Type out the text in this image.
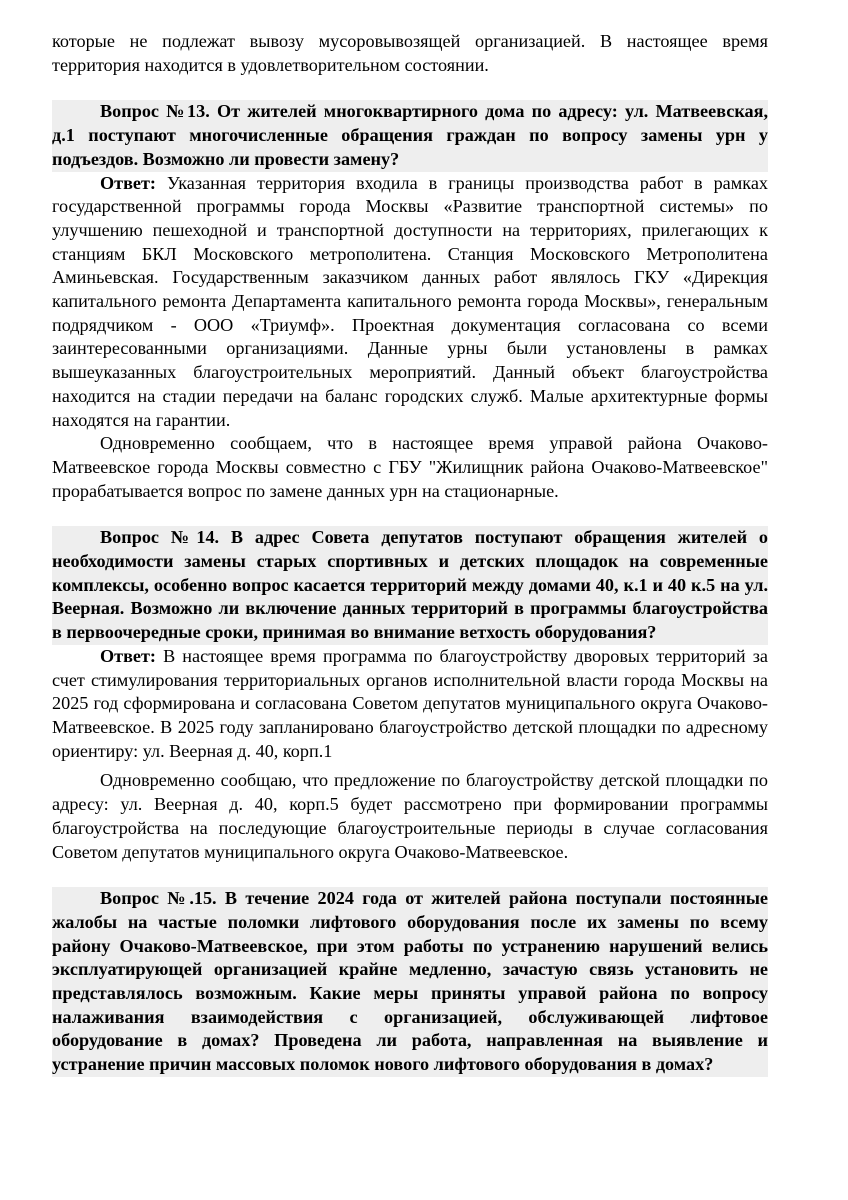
которые не подлежат вывозу мусоровывозящей организацией. В настоящее время территория находится в удовлетворительном состоянии.

Вопрос №13. От жителей многоквартирного дома по адресу: ул. Матвеевская, д.1 поступают многочисленные обращения граждан по вопросу замены урн у подъездов. Возможно ли провести замену?

Ответ: Указанная территория входила в границы производства работ в рамках государственной программы города Москвы «Развитие транспортной системы» по улучшению пешеходной и транспортной доступности на территориях, прилегающих к станциям БКЛ Московского метрополитена. Станция Московского Метрополитена Аминьевская. Государственным заказчиком данных работ являлось ГКУ «Дирекция капитального ремонта Департамента капитального ремонта города Москвы», генеральным подрядчиком - ООО «Триумф». Проектная документация согласована со всеми заинтересованными организациями. Данные урны были установлены в рамках вышеуказанных благоустроительных мероприятий. Данный объект благоустройства находится на стадии передачи на баланс городских служб. Малые архитектурные формы находятся на гарантии.

Одновременно сообщаем, что в настоящее время управой района Очаково-Матвеевское города Москвы совместно с ГБУ "Жилищник района Очаково-Матвеевское" прорабатывается вопрос по замене данных урн на стационарные.

Вопрос №14. В адрес Совета депутатов поступают обращения жителей о необходимости замены старых спортивных и детских площадок на современные комплексы, особенно вопрос касается территорий между домами 40, к.1 и 40 к.5 на ул. Веерная. Возможно ли включение данных территорий в программы благоустройства в первоочередные сроки, принимая во внимание ветхость оборудования?

Ответ: В настоящее время программа по благоустройству дворовых территорий за счет стимулирования территориальных органов исполнительной власти города Москвы на 2025 год сформирована и согласована Советом депутатов муниципального округа Очаково-Матвеевское. В 2025 году запланировано благоустройство детской площадки по адресному ориентиру: ул. Веерная д. 40, корп.1

Одновременно сообщаю, что предложение по благоустройству детской площадки по адресу: ул. Веерная д. 40, корп.5 будет рассмотрено при формировании программы благоустройства на последующие благоустроительные периоды в случае согласования Советом депутатов муниципального округа Очаково-Матвеевское.

Вопрос №.15. В течение 2024 года от жителей района поступали постоянные жалобы на частые поломки лифтового оборудования после их замены по всему району Очаково-Матвеевское, при этом работы по устранению нарушений велись эксплуатирующей организацией крайне медленно, зачастую связь установить не представлялось возможным. Какие меры приняты управой района по вопросу налаживания взаимодействия с организацией, обслуживающей лифтовое оборудование в домах? Проведена ли работа, направленная на выявление и устранение причин массовых поломок нового лифтового оборудования в домах?
